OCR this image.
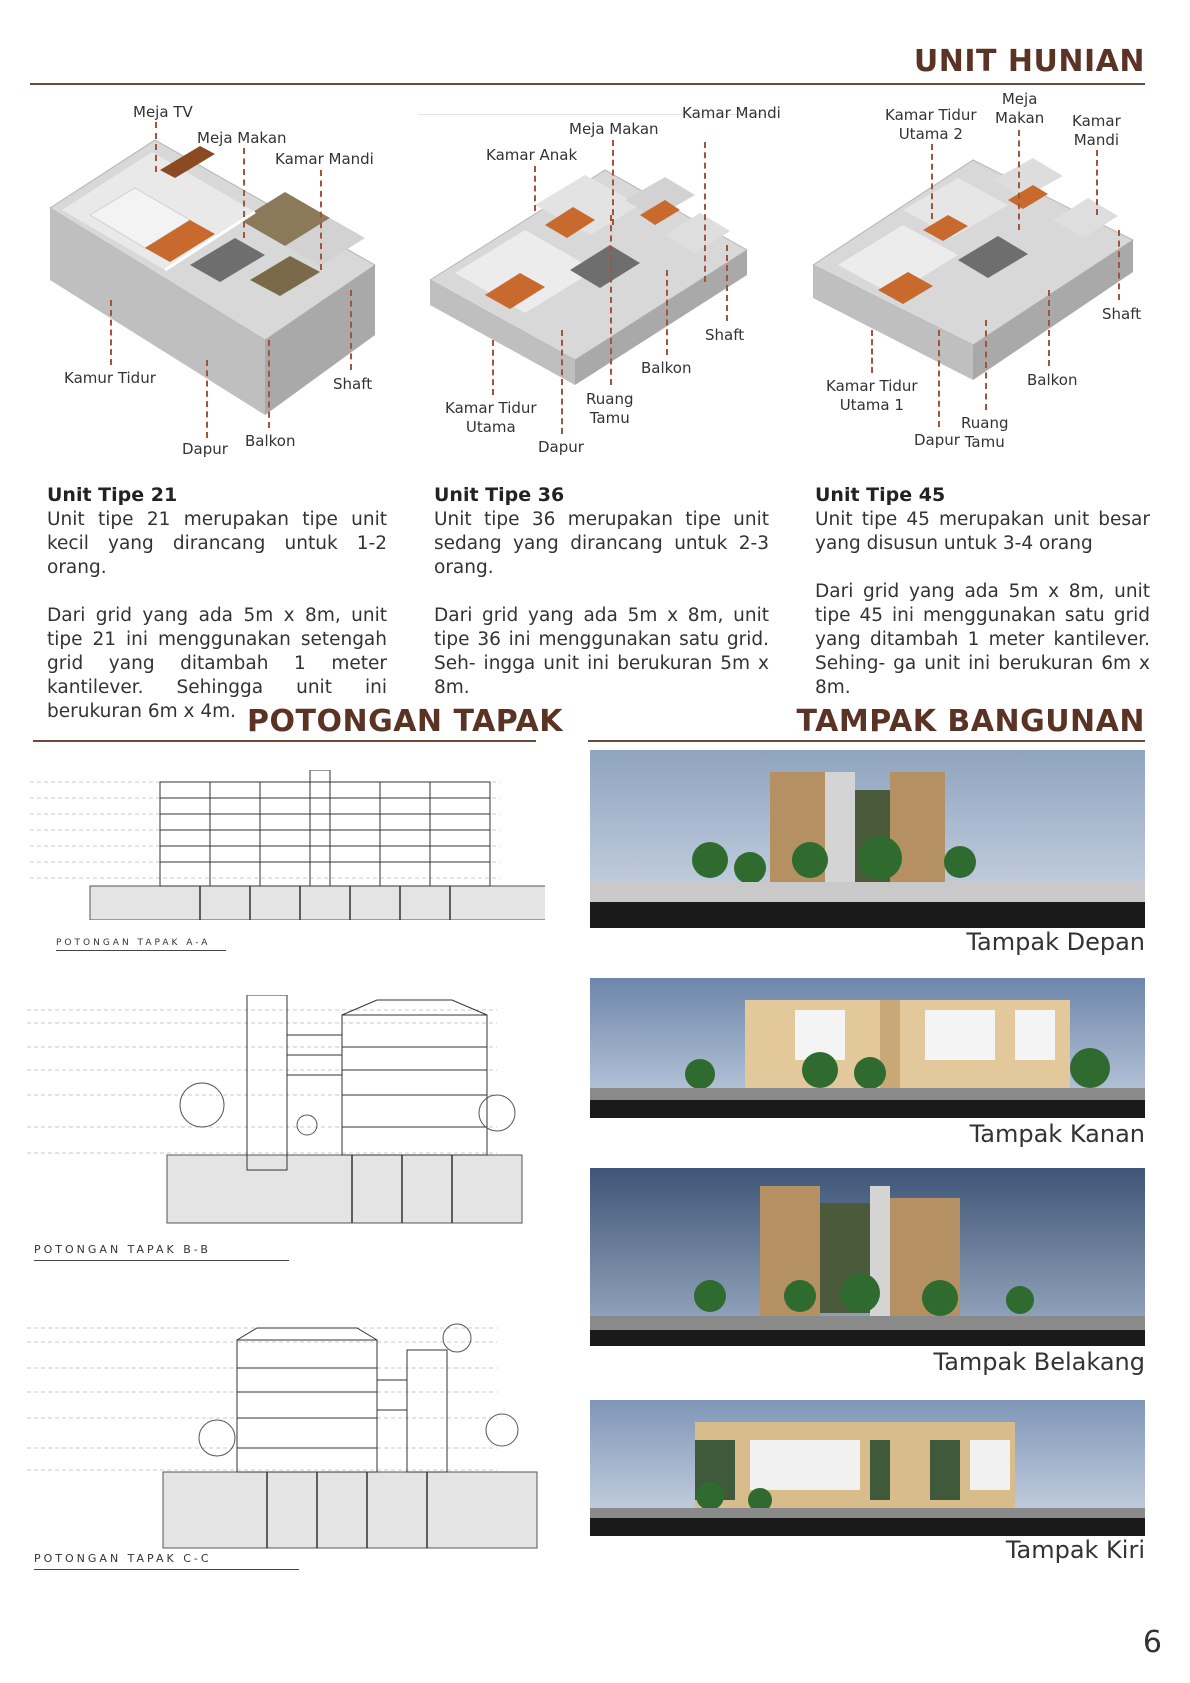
UNIT HUNIAN
Meja TV
Meja Makan
Kamar Mandi
Kamur Tidur	Shaft
Dapur Balkon
Kamar Mandi
Meja Makan
Kamar Anak
Shaft
Balkon
Ruang
Tamu
Kamar Tidur
Utama
Dapur
Meja
Makan
Kamar Tidur
Utama 2
Kamar
Mandi
Shaft
Balkon
Kamar Tidur
Utama 1
Ruang
Tamu
Dapur
Unit Tipe 21

Unit tipe 21 merupakan tipe unit kecil yang dirancang untuk 1-2 orang.

Dari grid yang ada 5m x 8m, unit tipe 21 ini menggunakan setengah grid yang ditambah 1 meter kantilever. Sehingga unit ini berukuran 6m x 4m.

Unit Tipe 36

Unit tipe 36 merupakan tipe unit sedang yang dirancang untuk 2-3 orang.

Dari grid yang ada 5m x 8m, unit tipe 36 ini menggunakan satu grid. Seh- ingga unit ini berukuran 5m x 8m.

Unit Tipe 45

Unit tipe 45 merupakan unit besar yang disusun untuk 3-4 orang

Dari grid yang ada 5m x 8m, unit tipe 45 ini menggunakan satu grid yang ditambah 1 meter kantilever. Sehing- ga unit ini berukuran 6m x 8m.

POTONGAN TAPAK
POTONGAN TAPAK A-A
POTONGAN TAPAK B-B
POTONGAN TAPAK C-C
TAMPAK BANGUNAN
Tampak Depan
Tampak Kanan
Tampak Belakang
Tampak Kiri
6
